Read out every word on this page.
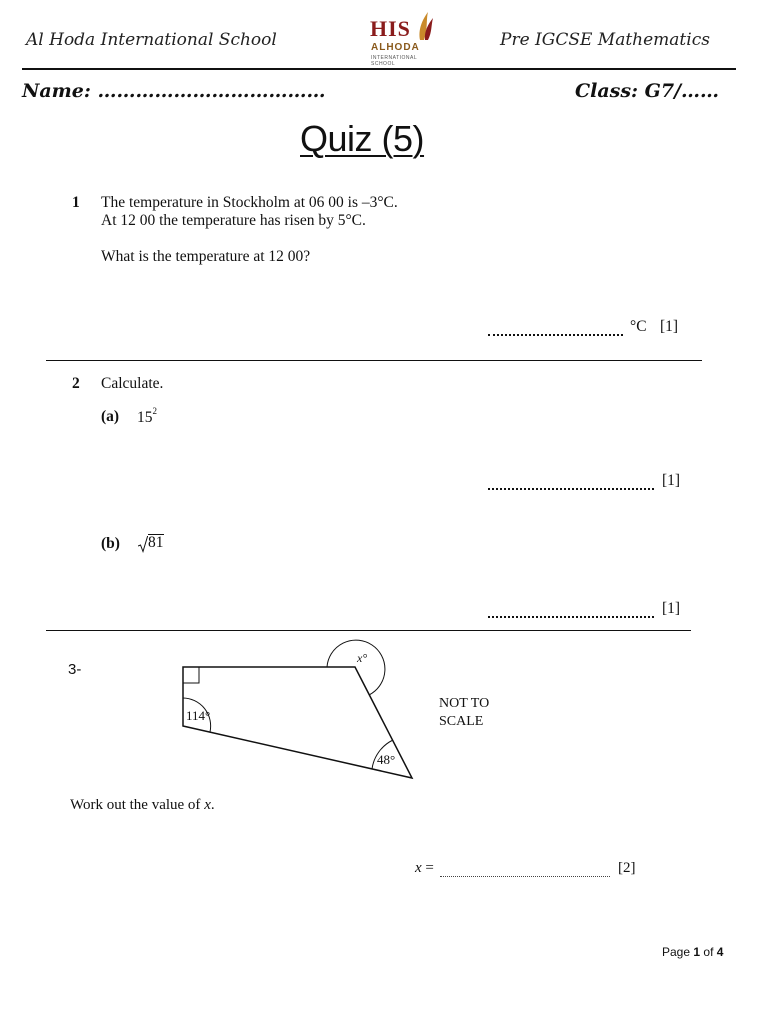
Al Hoda International School	HIS
ALHODA
INTERNATIONAL SCHOOL
Pre IGCSE Mathematics
Name: ………………………………	Class: G7/……
Quiz (5)
1 The temperature in Stockholm at 06 00 is –3°C.
At 12 00 the temperature has risen by 5°C.
What is the temperature at 12 00?
°C [1]
2 Calculate.
(a) $15^2$
[1]
(b)	81
[1]
3-
x°
114°
48°
NOT TO
SCALE
Work out the value of x.
x =	[2]
Page 1 of 4
